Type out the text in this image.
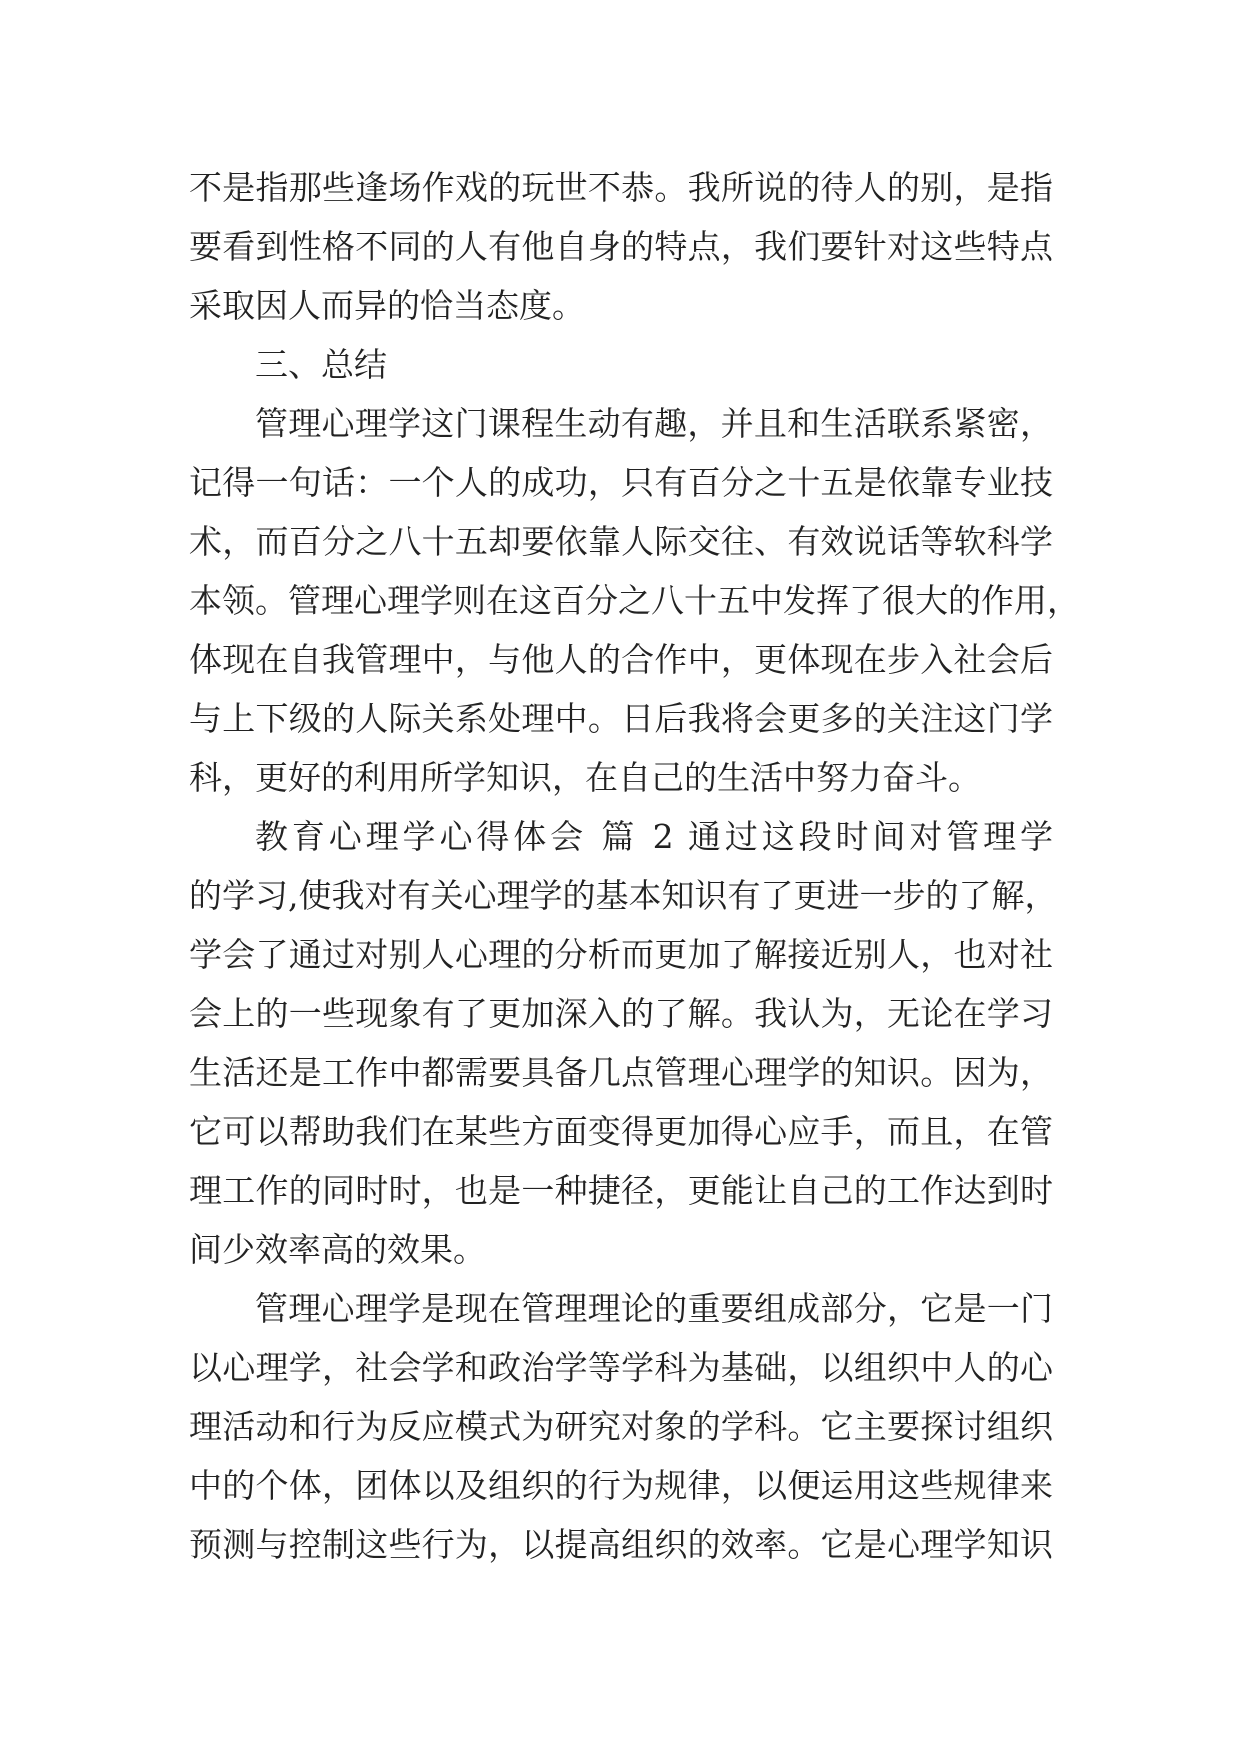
不是指那些逢场作戏的玩世不恭。我所说的待人的别，是指
要看到性格不同的人有他自身的特点，我们要针对这些特点
采取因人而异的恰当态度。
三、总结
管理心理学这门课程生动有趣，并且和生活联系紧密，
记得一句话：一个人的成功，只有百分之十五是依靠专业技
术，而百分之八十五却要依靠人际交往、有效说话等软科学
本领。管理心理学则在这百分之八十五中发挥了很大的作用，
体现在自我管理中，与他人的合作中，更体现在步入社会后
与上下级的人际关系处理中。日后我将会更多的关注这门学
科，更好的利用所学知识，在自己的生活中努力奋斗。
教育心理学心得体会 篇 2 通过这段时间对管理学
的学习,使我对有关心理学的基本知识有了更进一步的了解，
学会了通过对别人心理的分析而更加了解接近别人，也对社
会上的一些现象有了更加深入的了解。我认为，无论在学习
生活还是工作中都需要具备几点管理心理学的知识。因为，
它可以帮助我们在某些方面变得更加得心应手，而且，在管
理工作的同时时，也是一种捷径，更能让自己的工作达到时
间少效率高的效果。
管理心理学是现在管理理论的重要组成部分，它是一门
以心理学，社会学和政治学等学科为基础，以组织中人的心
理活动和行为反应模式为研究对象的学科。它主要探讨组织
中的个体，团体以及组织的行为规律，以便运用这些规律来
预测与控制这些行为，以提高组织的效率。它是心理学知识
